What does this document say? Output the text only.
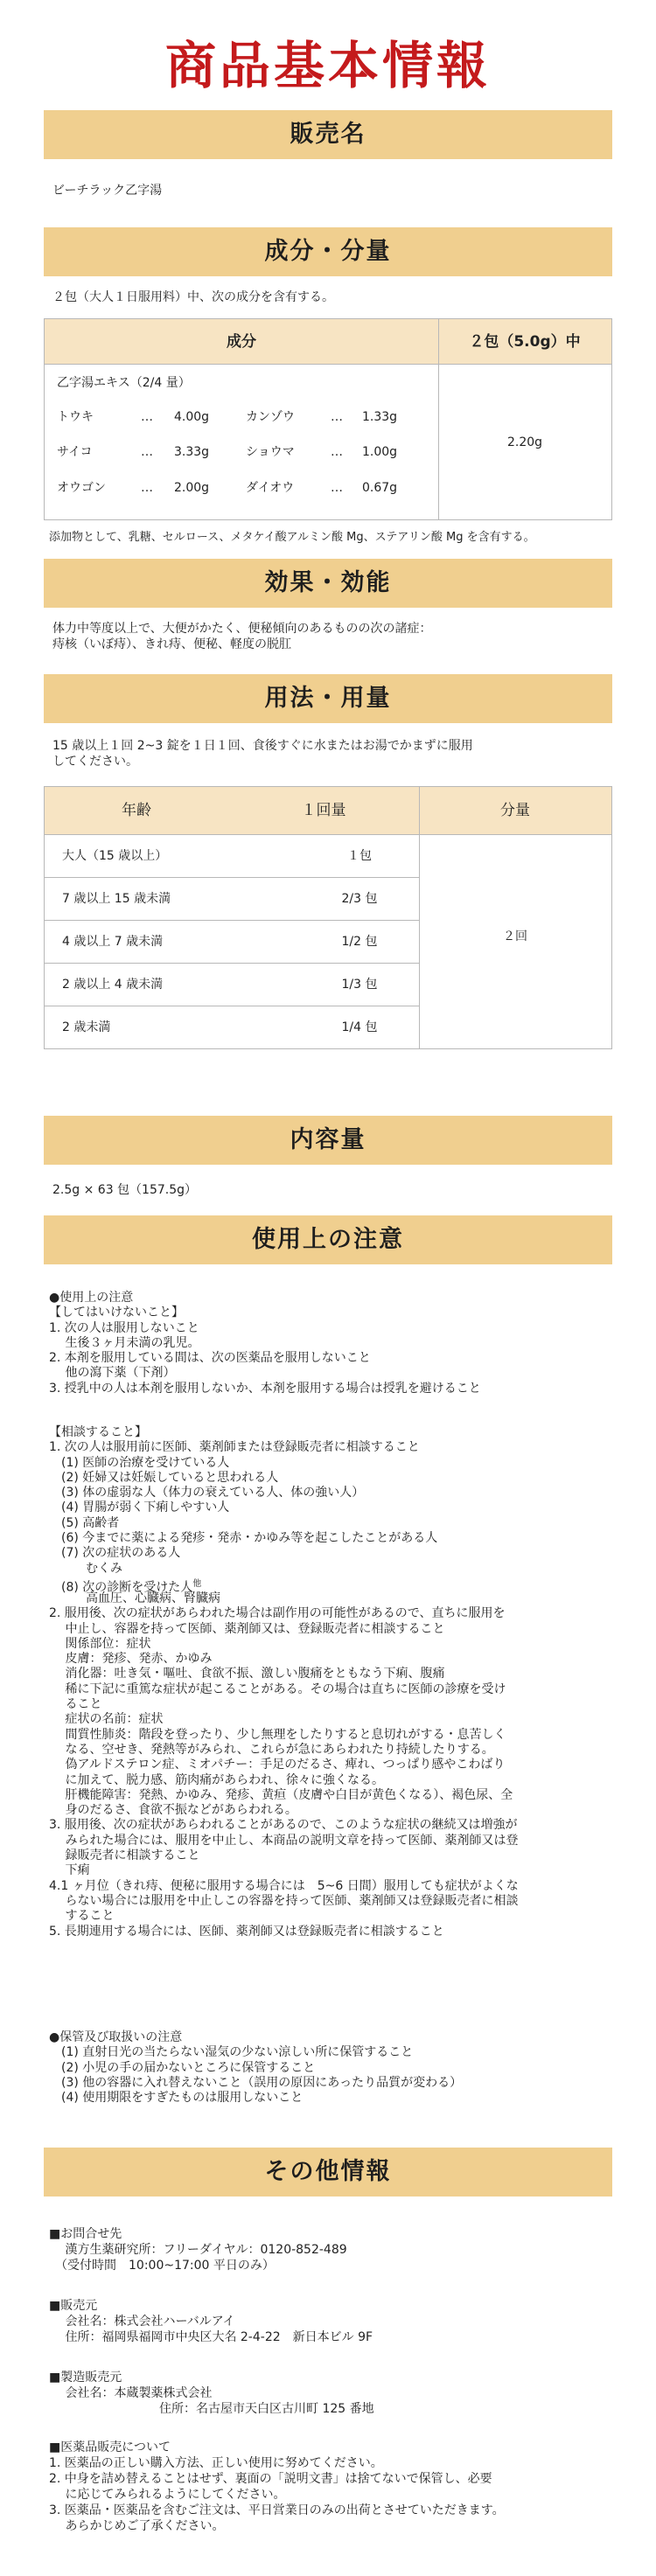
商品基本情報
販売名
ビーチラック乙字湯
成分・分量
２包（大人１日服用料）中、次の成分を含有する。
成分	２包（5.0g）中
乙字湯エキス（2/4 量）
トウキ	… 4.00g	カンゾウ	… 1.33g
サイコ	… 3.33g	ショウマ	… 1.00g
オウゴン	… 2.00g	ダイオウ	… 0.67g
2.20g
添加物として、乳糖、セルロース、メタケイ酸アルミン酸 Mg、ステアリン酸 Mg を含有する。
効果・効能
体力中等度以上で、大便がかたく、便秘傾向のあるものの次の諸症：
痔核（いぼ痔）、きれ痔、便秘、軽度の脱肛
用法・用量
15 歳以上１回 2~3 錠を１日１回、食後すぐに水またはお湯でかまずに服用
してください。
年齢	１回量	分量
大人（15 歳以上）	１包
7 歳以上 15 歳未満	2/3 包
4 歳以上 7 歳未満	1/2 包
2 歳以上 4 歳未満	1/3 包
2 歳未満	1/4 包
２回
内容量
2.5g × 63 包（157.5g）
使用上の注意
●使用上の注意
【してはいけないこと】
1. 次の人は服用しないこと
　 生後３ヶ月未満の乳児。
2. 本剤を服用している間は、次の医薬品を服用しないこと
　 他の瀉下薬（下剤）
3. 授乳中の人は本剤を服用しないか、本剤を服用する場合は授乳を避けること
【相談すること】
1. 次の人は服用前に医師、薬剤師または登録販売者に相談すること
　(1) 医師の治療を受けている人
　(2) 妊婦又は妊娠していると思われる人
　(3) 体の虚弱な人（体力の衰えている人、体の強い人）
　(4) 胃腸が弱く下痢しやすい人
　(5) 高齢者
　(6) 今までに薬による発疹・発赤・かゆみ等を起こしたことがある人
　(7) 次の症状のある人
　　　むくみ
　(8) 次の診断を受けた人$^他$
　　　高血圧、心臓病、腎臓病
2. 服用後、次の症状があらわれた場合は副作用の可能性があるので、直ちに服用を
　 中止し、容器を持って医師、薬剤師又は、登録販売者に相談すること
　 関係部位：症状
　 皮膚：発疹、発赤、かゆみ
　 消化器：吐き気・嘔吐、食欲不振、激しい腹痛をともなう下痢、腹痛
　 稀に下記に重篤な症状が起こることがある。その場合は直ちに医師の診療を受け
　 ること
　 症状の名前：症状
　 間質性肺炎：階段を登ったり、少し無理をしたりすると息切れがする・息苦しく
　 なる、空せき、発熱等がみられ、これらが急にあらわれたり持続したりする。
　 偽アルドステロン症、ミオパチー：手足のだるさ、痺れ、つっぱり感やこわばり
　 に加えて、脱力感、筋肉痛があらわれ、徐々に強くなる。
　 肝機能障害：発熱、かゆみ、発疹、黄疸（皮膚や白目が黄色くなる）、褐色尿、全
　 身のだるさ、食欲不振などがあらわれる。
3. 服用後、次の症状があらわれることがあるので、このような症状の継続又は増強が
　 みられた場合には、服用を中止し、本商品の説明文章を持って医師、薬剤師又は登
　 録販売者に相談すること
　 下痢
4.1 ヶ月位（きれ痔、便秘に服用する場合には　5~6 日間）服用しても症状がよくな
　 らない場合には服用を中止しこの容器を持って医師、薬剤師又は登録販売者に相談
　 すること
5. 長期連用する場合には、医師、薬剤師又は登録販売者に相談すること
●保管及び取扱いの注意
　(1) 直射日光の当たらない湿気の少ない涼しい所に保管すること
　(2) 小児の手の届かないところに保管すること
　(3) 他の容器に入れ替えないこと（誤用の原因にあったり品質が変わる）
　(4) 使用期限をすぎたものは服用しないこと
その他情報
■お問合せ先
　 漢方生薬研究所：フリーダイヤル：0120-852-489
　（受付時間　10:00~17:00 平日のみ）
■販売元
　 会社名：株式会社ハーバルアイ
　 住所：福岡県福岡市中央区大名 2-4-22　新日本ビル 9F
■製造販売元
　 会社名：本蔵製薬株式会社
　　　　　　　　　住所：名古屋市天白区古川町 125 番地
■医薬品販売について
1. 医薬品の正しい購入方法、正しい使用に努めてください。
2. 中身を詰め替えることはせず、裏面の「説明文書」は捨てないで保管し、必要
　 に応じてみられるようにしてください。
3. 医薬品・医薬品を含むご注文は、平日営業日のみの出荷とさせていただきます。
　 あらかじめご了承ください。
